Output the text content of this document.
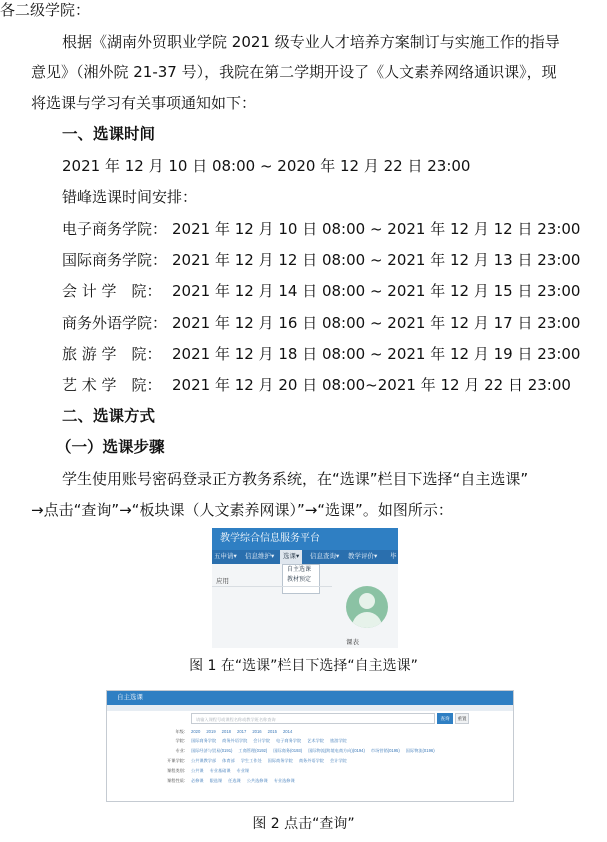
各二级学院：
根据《湖南外贸职业学院 2021 级专业人才培养方案制订与实施工作的指导
意见》（湘外院 21-37 号），我院在第二学期开设了《人文素养网络通识课》，现
将选课与学习有关事项通知如下：
一、选课时间
2021 年 12 月 10 日 08:00 ~ 2020 年 12 月 22 日 23:00
错峰选课时间安排：
电子商务学院： 2021 年 12 月 10 日 08:00 ~ 2021 年 12 月 12 日 23:00
国际商务学院： 2021 年 12 月 12 日 08:00 ~ 2021 年 12 月 13 日 23:00
会 计 学　院： 2021 年 12 月 14 日 08:00 ~ 2021 年 12 月 15 日 23:00
商务外语学院： 2021 年 12 月 16 日 08:00 ~ 2021 年 12 月 17 日 23:00
旅 游 学　院： 2021 年 12 月 18 日 08:00 ~ 2021 年 12 月 19 日 23:00
艺 术 学　院： 2021 年 12 月 20 日 08:00~2021 年 12 月 22 日 23:00
二、选课方式
（一）选课步骤
学生使用账号密码登录正方教务系统，在“选课”栏目下选择“自主选课”
→点击“查询”→“板块课（人文素养网课）”→“选课”。如图所示：
教学综合信息服务平台
五申请▾ 信息维护▾	选课▾	信息查询▾ 教学评价▾ 毕
自主选课
教材预定
应用
课表
图 1 在“选课”栏目下选择“自主选课”
自主选课
请输入课程号或课程名称或教学班名称查询	查询	重置
年级: 2020 2019 2018 2017 2016 2015 2014
学院: 国际商务学院 商务外语学院 会计学院 电子商务学院 艺术学院 旅游学院
专业: 国际经济与贸易(0191) 工商管理(0192) 国际商务(0193) 国际物流(跨境电商方向)(0194) 市场营销(0195) 国际物流(0196)
开课学院: 公共课教学部 体育部 学生工作处 国际商务学院 商务外语学院 会计学院
课程类别: 公共课 专业基础课 专业课
课程性质: 必修课 限选课 任选课 公共选修课 专业选修课
图 2 点击“查询”
